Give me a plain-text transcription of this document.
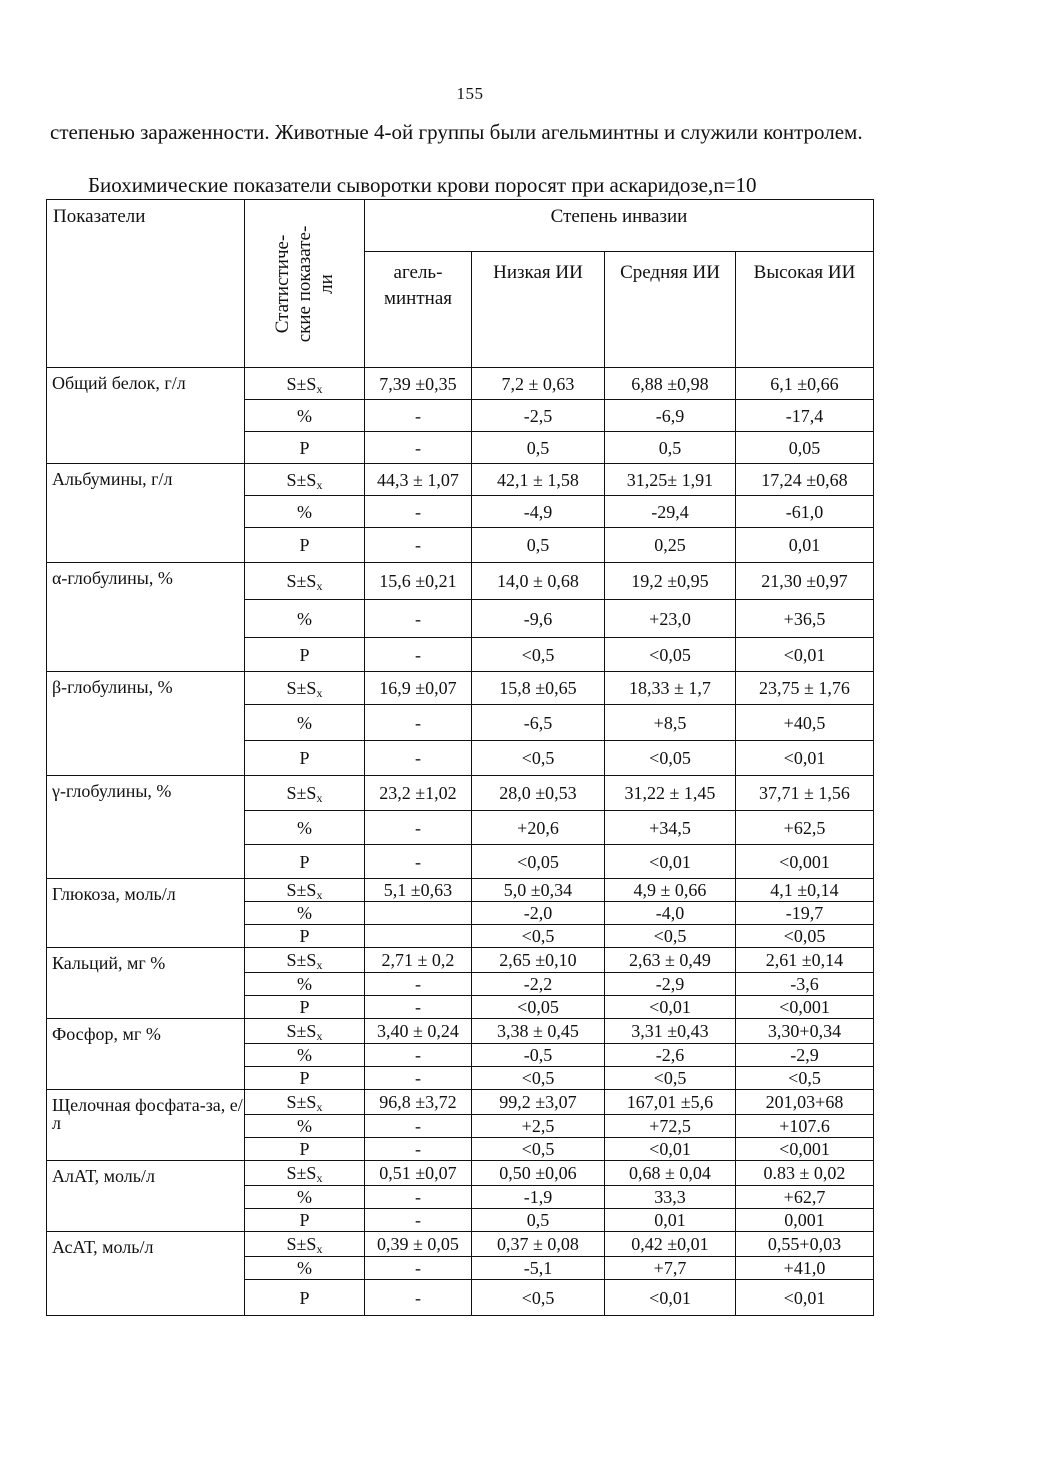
155
степенью зараженности. Животные 4-ой группы были агельминтны и служили контролем.
Биохимические показатели сыворотки крови поросят при аскаридозе,n=10
Показатели	Статистиче- ские показате- ли	Степень инвазии			
		агель-минтная	Низкая ИИ	Средняя ИИ	Высокая ИИ
Общий белок, г/л	$S\pm S_x$	7,39 ±0,35	7,2 ± 0,63	6,88 ±0,98	6,1 ±0,66
	%	-	-2,5	-6,9	-17,4
	P	-	0,5	0,5	0,05
Альбумины, г/л	$S\pm S_x$	44,3 ± 1,07	42,1 ± 1,58	31,25± 1,91	17,24 ±0,68
	%	-	-4,9	-29,4	-61,0
	P	-	0,5	0,25	0,01
α-глобулины, %	$S\pm S_x$	15,6 ±0,21	14,0 ± 0,68	19,2 ±0,95	21,30 ±0,97
	%	-	-9,6	+23,0	+36,5
	P	-	<0,5	<0,05	<0,01
β-глобулины, %	$S\pm S_x$	16,9 ±0,07	15,8 ±0,65	18,33 ± 1,7	23,75 ± 1,76
	%	-	-6,5	+8,5	+40,5
	P	-	<0,5	<0,05	<0,01
γ-глобулины, %	$S\pm S_x$	23,2 ±1,02	28,0 ±0,53	31,22 ± 1,45	37,71 ± 1,56
	%	-	+20,6	+34,5	+62,5
	P	-	<0,05	<0,01	<0,001
Глюкоза, моль/л	$S\pm S_x$	5,1 ±0,63	5,0 ±0,34	4,9 ± 0,66	4,1 ±0,14
	%		-2,0	-4,0	-19,7
	P		<0,5	<0,5	<0,05
Кальций, мг %	$S\pm S_x$	2,71 ± 0,2	2,65 ±0,10	2,63 ± 0,49	2,61 ±0,14
	%	-	-2,2	-2,9	-3,6
	P	-	<0,05	<0,01	<0,001
Фосфор, мг %	$S\pm S_x$	3,40 ± 0,24	3,38 ± 0,45	3,31 ±0,43	3,30+0,34
	%	-	-0,5	-2,6	-2,9
	P	-	<0,5	<0,5	<0,5
Щелочная фосфата-за, е/л	$S\pm S_x$	96,8 ±3,72	99,2 ±3,07	167,01 ±5,6	201,03+68
	%	-	+2,5	+72,5	+107.6
	P	-	<0,5	<0,01	<0,001
АлАТ, моль/л	$S\pm S_x$	0,51 ±0,07	0,50 ±0,06	0,68 ± 0,04	0.83 ± 0,02
	%	-	-1,9	33,3	+62,7
	P	-	0,5	0,01	0,001
АсАТ, моль/л	$S\pm S_x$	0,39 ± 0,05	0,37 ± 0,08	0,42 ±0,01	0,55+0,03
	%	-	-5,1	+7,7	+41,0
	P	-	<0,5	<0,01	<0,01
